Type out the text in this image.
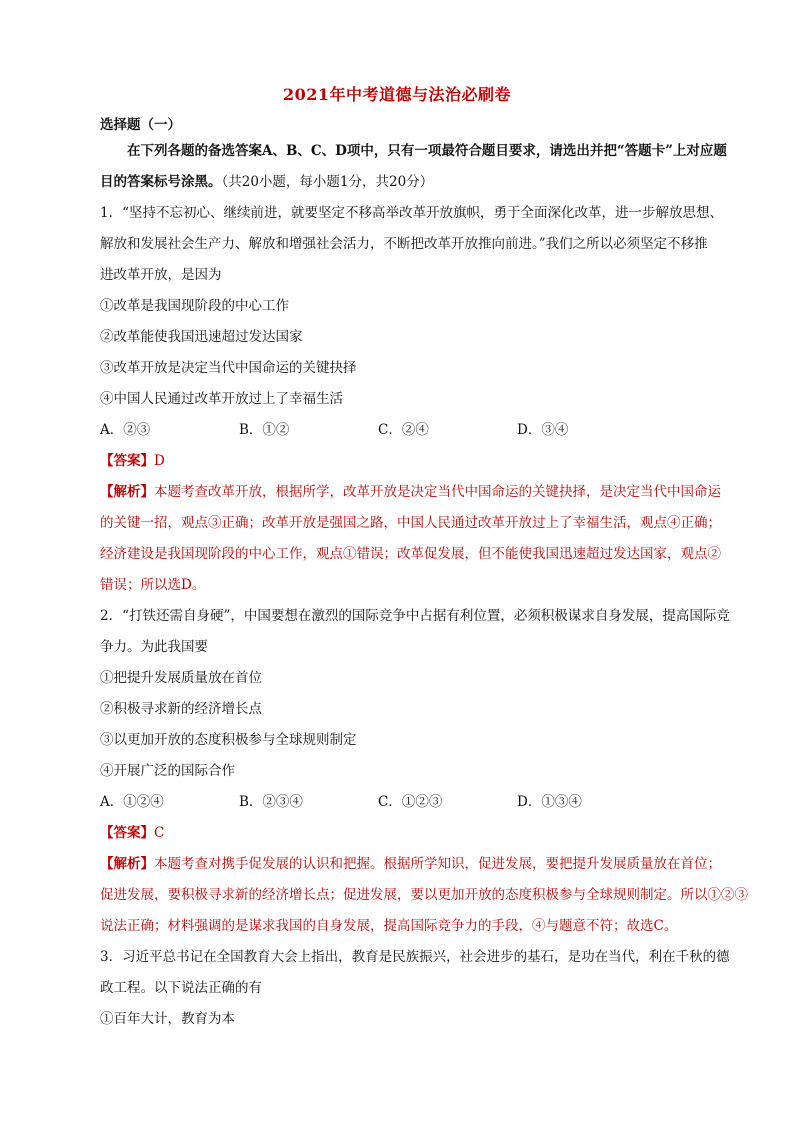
2021年中考道德与法治必刷卷
选择题（一）
　　在下列各题的备选答案A、B、C、D项中，只有一项最符合题目要求，请选出并把“答题卡”上对应题
目的答案标号涂黑。（共20小题，每小题1分，共20分）
1．“坚持不忘初心、继续前进，就要坚定不移高举改革开放旗帜，勇于全面深化改革，进一步解放思想、
解放和发展社会生产力、解放和增强社会活力，不断把改革开放推向前进。”我们之所以必须坚定不移推
进改革开放，是因为
①改革是我国现阶段的中心工作
②改革能使我国迅速超过发达国家
③改革开放是决定当代中国命运的关键抉择
④中国人民通过改革开放过上了幸福生活
A．②③	B．①②	C．②④	D．③④
【答案】D
【解析】本题考查改革开放，根据所学，改革开放是决定当代中国命运的关键抉择，是决定当代中国命运
的关键一招，观点③正确；改革开放是强国之路，中国人民通过改革开放过上了幸福生活，观点④正确；
经济建设是我国现阶段的中心工作，观点①错误；改革促发展，但不能使我国迅速超过发达国家，观点②
错误；所以选D。
2．“打铁还需自身硬”，中国要想在激烈的国际竞争中占据有利位置，必须积极谋求自身发展，提高国际竞
争力。为此我国要
①把提升发展质量放在首位
②积极寻求新的经济增长点
③以更加开放的态度积极参与全球规则制定
④开展广泛的国际合作
A．①②④	B．②③④	C．①②③	D．①③④
【答案】C
【解析】本题考查对携手促发展的认识和把握。根据所学知识，促进发展，要把提升发展质量放在首位；
促进发展，要积极寻求新的经济增长点；促进发展，要以更加开放的态度积极参与全球规则制定。所以①②③
说法正确；材料强调的是谋求我国的自身发展，提高国际竞争力的手段，④与题意不符；故选C。
3．习近平总书记在全国教育大会上指出，教育是民族振兴，社会进步的基石，是功在当代，利在千秋的德
政工程。以下说法正确的有
①百年大计，教育为本
